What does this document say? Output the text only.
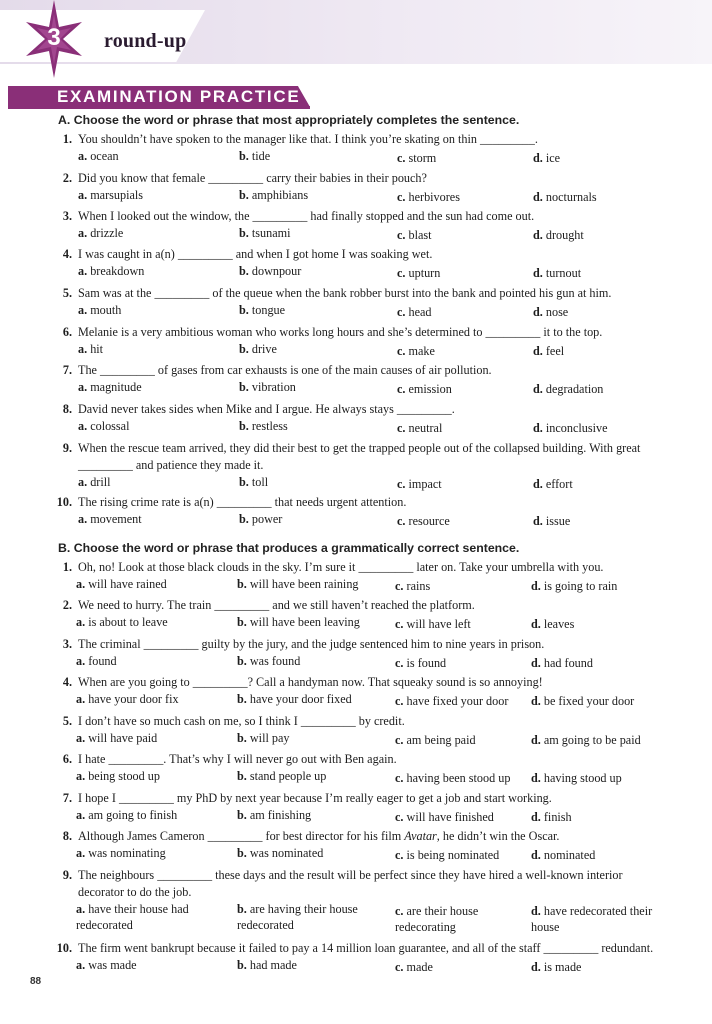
3	round-up
EXAMINATION PRACTICE
A. Choose the word or phrase that most appropriately completes the sentence.
1. You shouldn’t have spoken to the manager like that. I think you’re skating on thin _________.
a. ocean	b. tide	c. storm	d. ice
2. Did you know that female _________ carry their babies in their pouch?
a. marsupials	b. amphibians	c. herbivores	d. nocturnals
3. When I looked out the window, the _________ had finally stopped and the sun had come out.
a. drizzle	b. tsunami	c. blast	d. drought
4. I was caught in a(n) _________ and when I got home I was soaking wet.
a. breakdown	b. downpour	c. upturn	d. turnout
5. Sam was at the _________ of the queue when the bank robber burst into the bank and pointed his gun at him.
a. mouth	b. tongue	c. head	d. nose
6. Melanie is a very ambitious woman who works long hours and she’s determined to _________ it to the top.
a. hit	b. drive	c. make	d. feel
7. The _________ of gases from car exhausts is one of the main causes of air pollution.
a. magnitude	b. vibration	c. emission	d. degradation
8. David never takes sides when Mike and I argue. He always stays _________.
a. colossal	b. restless	c. neutral	d. inconclusive
9. When the rescue team arrived, they did their best to get the trapped people out of the collapsed building. With great _________ and patience they made it.
a. drill	b. toll	c. impact	d. effort
10. The rising crime rate is a(n) _________ that needs urgent attention.
a. movement	b. power	c. resource	d. issue
B. Choose the word or phrase that produces a grammatically correct sentence.
1. Oh, no! Look at those black clouds in the sky. I’m sure it _________ later on. Take your umbrella with you.
a. will have rained	b. will have been raining	c. rains	d. is going to rain
2. We need to hurry. The train _________ and we still haven’t reached the platform.
a. is about to leave	b. will have been leaving	c. will have left	d. leaves
3. The criminal _________ guilty by the jury, and the judge sentenced him to nine years in prison.
a. found	b. was found	c. is found	d. had found
4. When are you going to _________? Call a handyman now. That squeaky sound is so annoying!
a. have your door fix	b. have your door fixed	c. have fixed your door d. be fixed your door
5. I don’t have so much cash on me, so I think I _________ by credit.
a. will have paid	b. will pay	c. am being paid	d. am going to be paid
6. I hate _________. That’s why I will never go out with Ben again.
a. being stood up	b. stand people up	c. having been stood up d. having stood up
7. I hope I _________ my PhD by next year because I’m really eager to get a job and start working.
a. am going to finish	b. am finishing	c. will have finished	d. finish
8. Although James Cameron _________ for best director for his film Avatar, he didn’t win the Oscar.
a. was nominating	b. was nominated	c. is being nominated	d. nominated
9. The neighbours _________ these days and the result will be perfect since they have hired a well-known interior decorator to do the job.
a. have their house had redecorated
b. are having their house redecorated
c. are their house redecorating
d. have redecorated their house
10. The firm went bankrupt because it failed to pay a 14 million loan guarantee, and all of the staff _________ redundant.
a. was made	b. had made	c. made	d. is made
88
